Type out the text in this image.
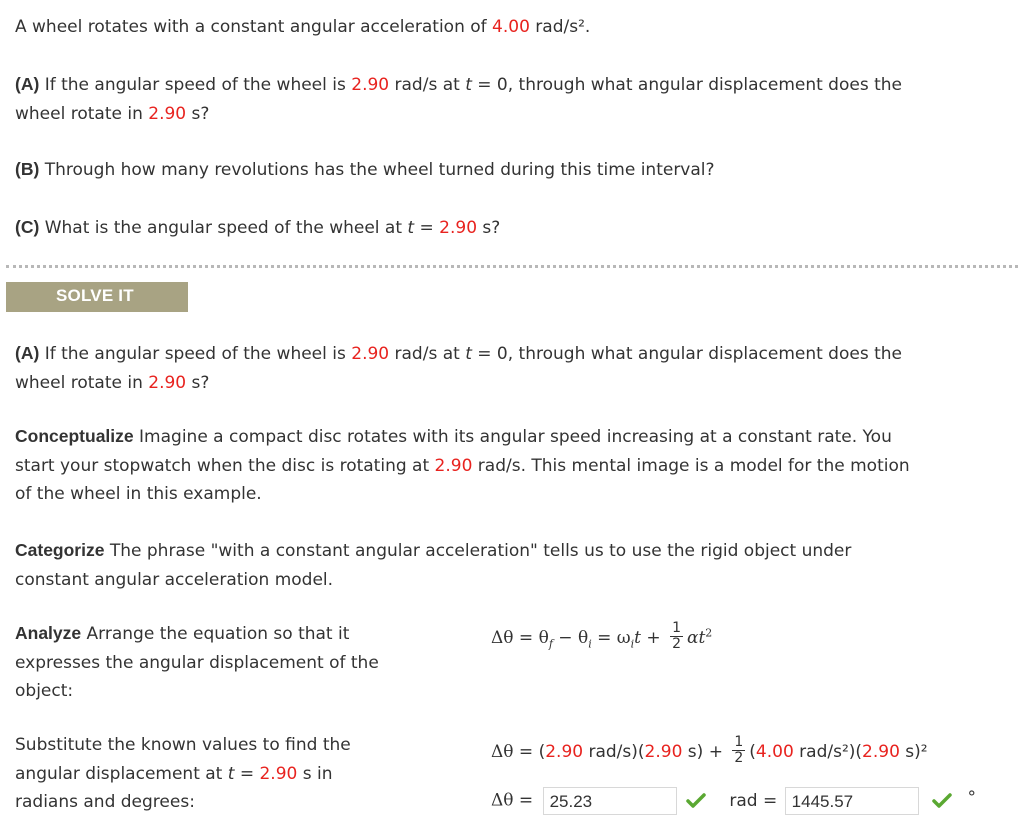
A wheel rotates with a constant angular acceleration of 4.00 rad/s².

(A) If the angular speed of the wheel is 2.90 rad/s at t = 0, through what angular displacement does the
wheel rotate in 2.90 s?

(B) Through how many revolutions has the wheel turned during this time interval?

(C) What is the angular speed of the wheel at t = 2.90 s?

SOLVE IT

(A) If the angular speed of the wheel is 2.90 rad/s at t = 0, through what angular displacement does the
wheel rotate in 2.90 s?

Conceptualize Imagine a compact disc rotates with its angular speed increasing at a constant rate. You
start your stopwatch when the disc is rotating at 2.90 rad/s. This mental image is a model for the motion
of the wheel in this example.

Categorize The phrase "with a constant angular acceleration" tells us to use the rigid object under
constant angular acceleration model.

Analyze Arrange the equation so that it
expresses the angular displacement of the
object:
$\Delta\theta = \theta_f - \theta_i = \omega_it + \frac{1}{2} \alpha t^2$
Substitute the known values to find the
angular displacement at t = 2.90 s in
radians and degrees:
Δθ = (2.90 rad/s)(2.90 $s) + \frac{1}{2} (4.00$ rad/s²)(2.90 s)²
Δθ = 25.23	rad = 1445.57	°
